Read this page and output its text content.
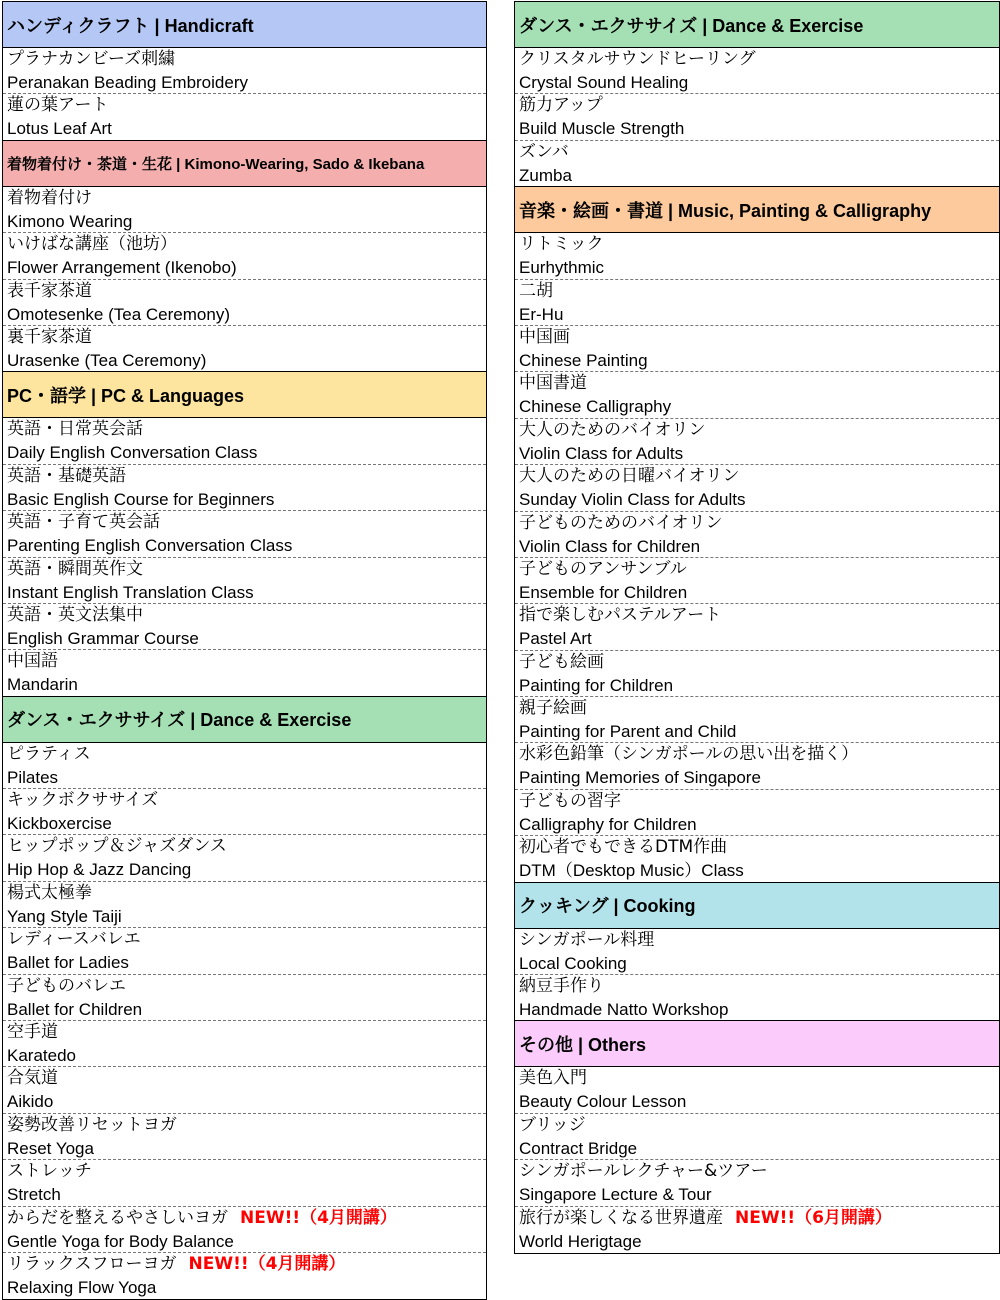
ハンディクラフト | Handicraft
プラナカンビーズ刺繍
Peranakan Beading Embroidery
蓮の葉アート
Lotus Leaf Art
着物着付け・茶道・生花 | Kimono-Wearing, Sado & Ikebana
着物着付け
Kimono Wearing
いけばな講座（池坊）
Flower Arrangement (Ikenobo)
表千家茶道
Omotesenke (Tea Ceremony)
裏千家茶道
Urasenke (Tea Ceremony)
PC・語学 | PC & Languages
英語・日常英会話
Daily English Conversation Class
英語・基礎英語
Basic English Course for Beginners
英語・子育て英会話
Parenting English Conversation Class
英語・瞬間英作文
Instant English Translation Class
英語・英文法集中
English Grammar Course
中国語
Mandarin
ダンス・エクササイズ | Dance & Exercise
ピラティス
Pilates
キックボクササイズ
Kickboxercise
ヒップポップ＆ジャズダンス
Hip Hop & Jazz Dancing
楊式太極拳
Yang Style Taiji
レディースバレエ
Ballet for Ladies
子どものバレエ
Ballet for Children
空手道
Karatedo
合気道
Aikido
姿勢改善リセットヨガ
Reset Yoga
ストレッチ
Stretch
からだを整えるやさしいヨガ NEW!!（4月開講）
Gentle Yoga for Body Balance
リラックスフローヨガ NEW!!（4月開講）
Relaxing Flow Yoga
ダンス・エクササイズ | Dance & Exercise
クリスタルサウンドヒーリング
Crystal Sound Healing
筋力アップ
Build Muscle Strength
ズンバ
Zumba
音楽・絵画・書道 | Music, Painting & Calligraphy
リトミック
Eurhythmic
二胡
Er-Hu
中国画
Chinese Painting
中国書道
Chinese Calligraphy
大人のためのバイオリン
Violin Class for Adults
大人のための日曜バイオリン
Sunday Violin Class for Adults
子どものためのバイオリン
Violin Class for Children
子どものアンサンブル
Ensemble for Children
指で楽しむパステルアート
Pastel Art
子ども絵画
Painting for Children
親子絵画
Painting for Parent and Child
水彩色鉛筆（シンガポールの思い出を描く）
Painting Memories of Singapore
子どもの習字
Calligraphy for Children
初心者でもできるDTM作曲
DTM（Desktop Music）Class
クッキング | Cooking
シンガポール料理
Local Cooking
納豆手作り
Handmade Natto Workshop
その他 | Others
美色入門
Beauty Colour Lesson
ブリッジ
Contract Bridge
シンガポールレクチャー&ツアー
Singapore Lecture & Tour
旅行が楽しくなる世界遺産 NEW!!（6月開講）
World Herigtage
